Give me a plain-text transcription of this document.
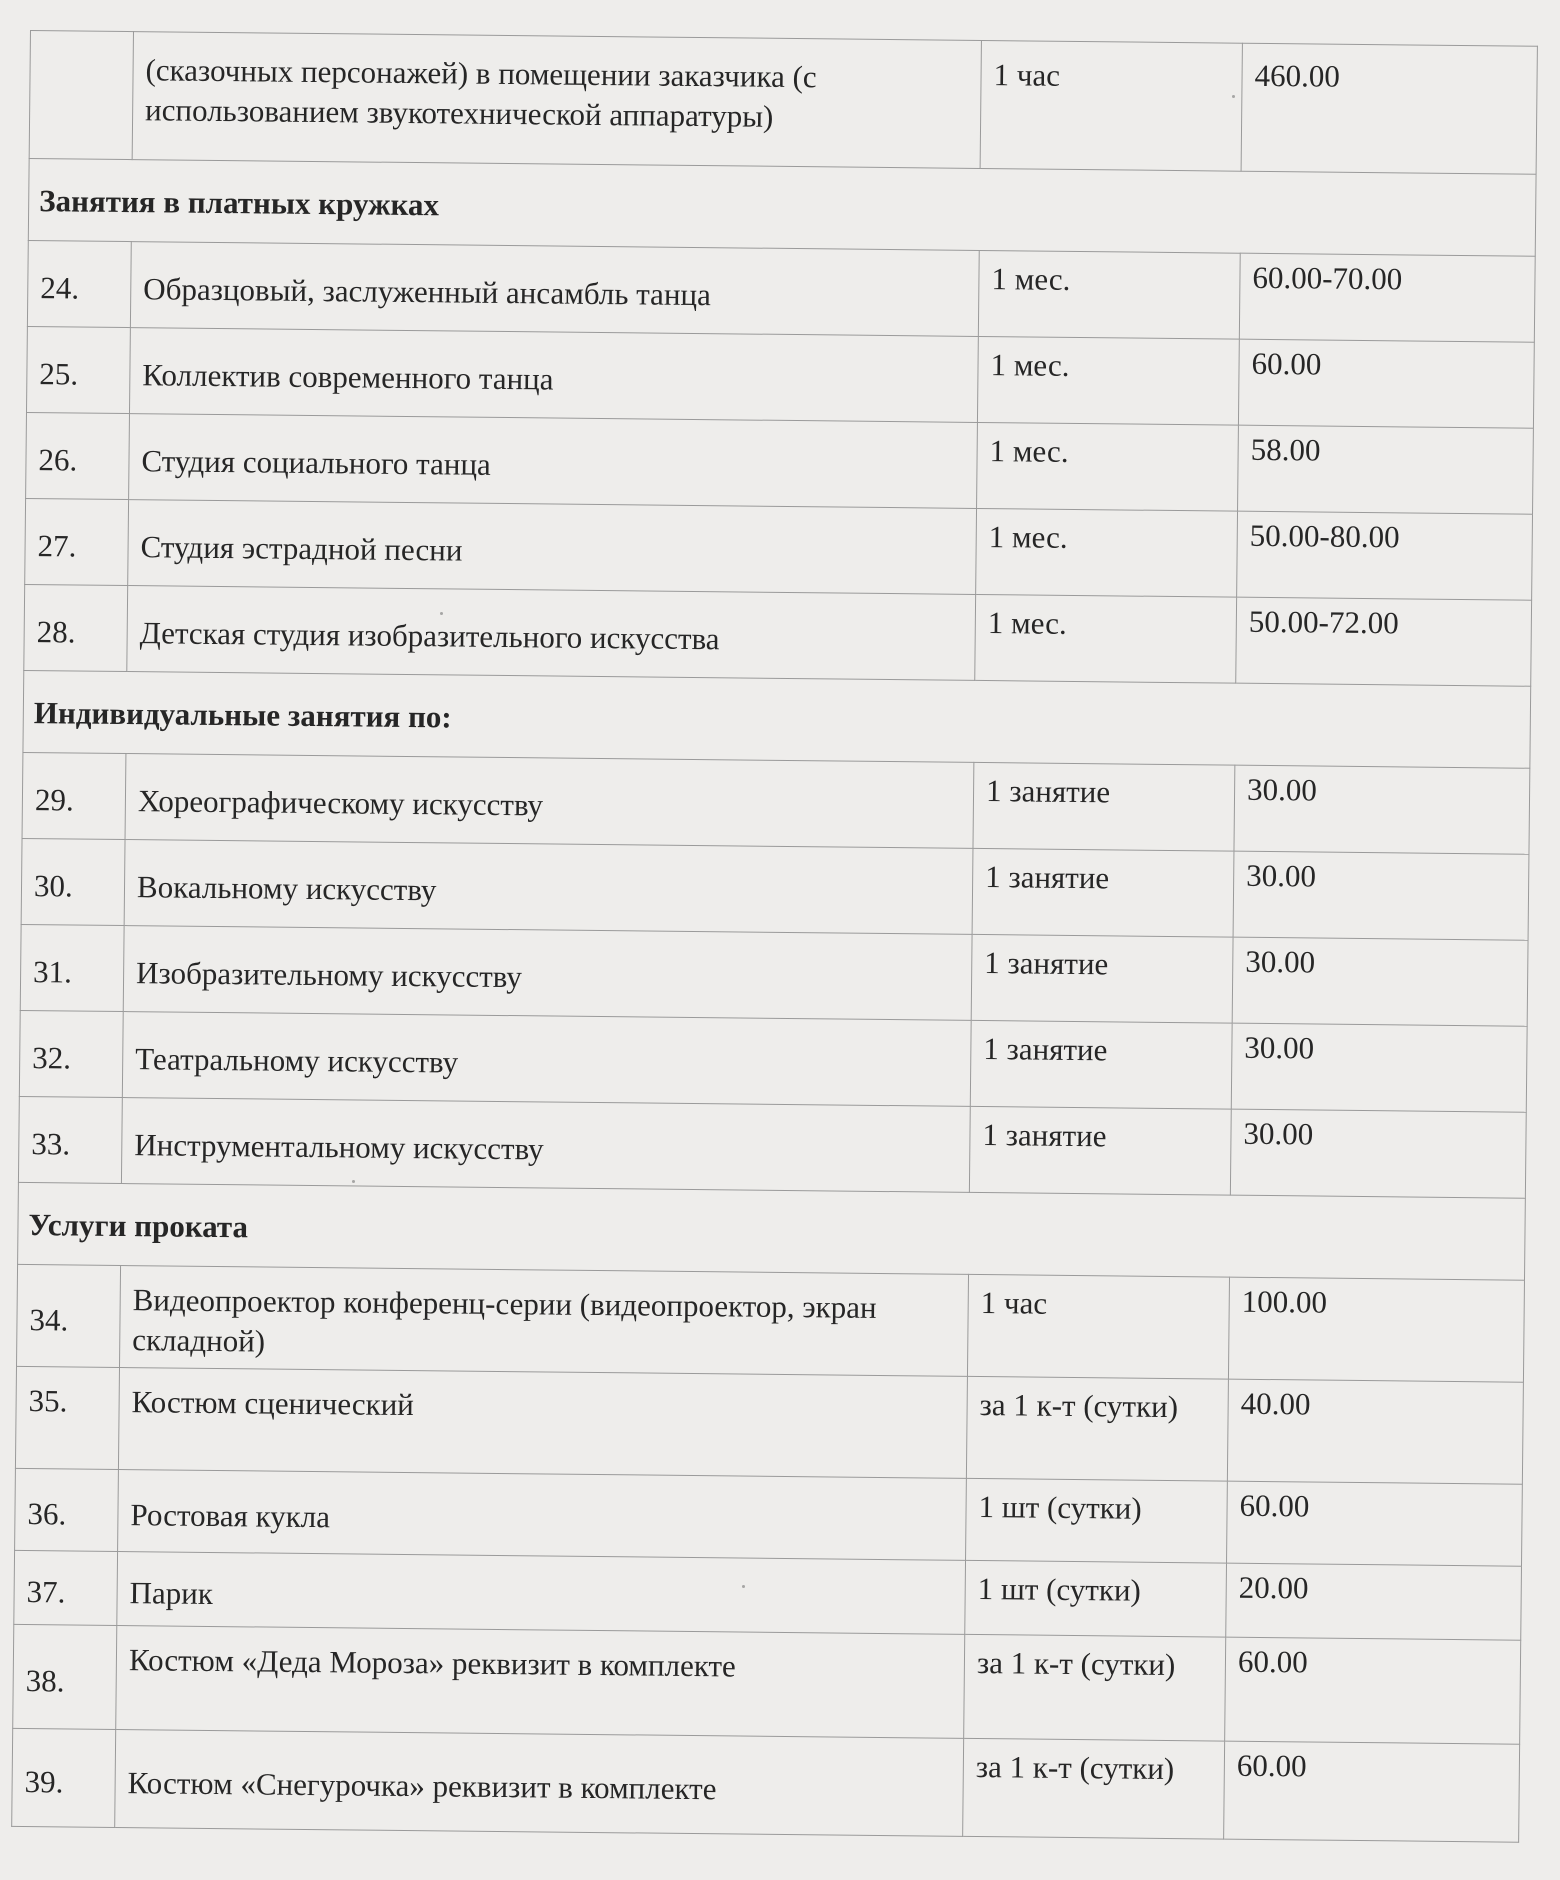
	(сказочных персонажей) в помещении заказчика (с использованием звукотехнической аппаратуры)	1 час	460.00
Занятия в платных кружках			
24.	Образцовый, заслуженный ансамбль танца	1 мес.	60.00-70.00
25.	Коллектив современного танца	1 мес.	60.00
26.	Студия социального танца	1 мес.	58.00
27.	Студия эстрадной песни	1 мес.	50.00-80.00
28.	Детская студия изобразительного искусства	1 мес.	50.00-72.00
Индивидуальные занятия по:			
29.	Хореографическому искусству	1 занятие	30.00
30.	Вокальному искусству	1 занятие	30.00
31.	Изобразительному искусству	1 занятие	30.00
32.	Театральному искусству	1 занятие	30.00
33.	Инструментальному искусству	1 занятие	30.00
Услуги проката			
34.	Видеопроектор конференц-серии (видеопроектор, экран складной)	1 час	100.00
35.	Костюм сценический	за 1 к-т (сутки)	40.00
36.	Ростовая кукла	1 шт (сутки)	60.00
37.	Парик	1 шт (сутки)	20.00
38.	Костюм «Деда Мороза» реквизит в комплекте	за 1 к-т (сутки)	60.00
39.	Костюм «Снегурочка» реквизит в комплекте	за 1 к-т (сутки)	60.00
